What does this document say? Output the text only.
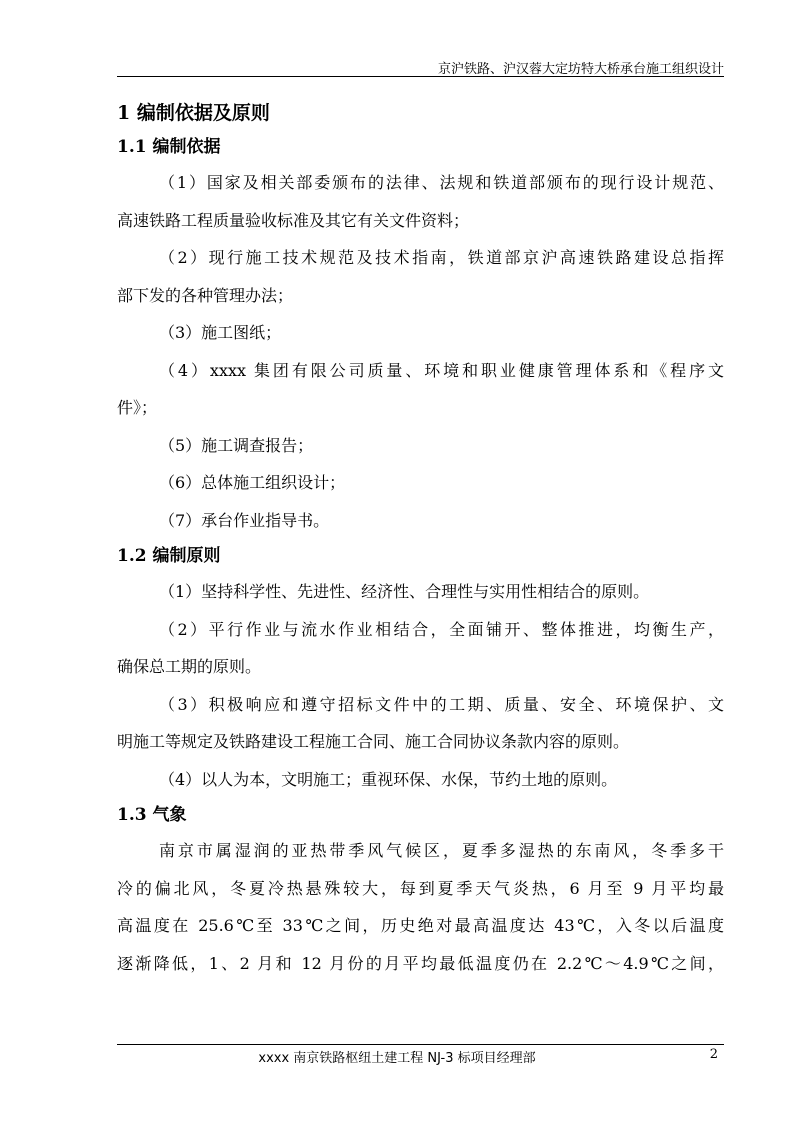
京沪铁路、沪汉蓉大定坊特大桥承台施工组织设计
1 编制依据及原则
1.1 编制依据
（1）国家及相关部委颁布的法律、法规和铁道部颁布的现行设计规范、
高速铁路工程质量验收标准及其它有关文件资料；
（2）现行施工技术规范及技术指南，铁道部京沪高速铁路建设总指挥
部下发的各种管理办法；
（3）施工图纸；
（4）xxxx 集团有限公司质量、环境和职业健康管理体系和《程序文
件》；
（5）施工调查报告；
（6）总体施工组织设计；
（7）承台作业指导书。
1.2 编制原则
（1）坚持科学性、先进性、经济性、合理性与实用性相结合的原则。
（2）平行作业与流水作业相结合，全面铺开、整体推进，均衡生产，
确保总工期的原则。
（3）积极响应和遵守招标文件中的工期、质量、安全、环境保护、文
明施工等规定及铁路建设工程施工合同、施工合同协议条款内容的原则。
（4）以人为本，文明施工；重视环保、水保，节约土地的原则。
1.3 气象
南京市属湿润的亚热带季风气候区，夏季多湿热的东南风，冬季多干
冷的偏北风，冬夏冷热悬殊较大，每到夏季天气炎热，6 月至 9 月平均最
高温度在 25.6℃至 33℃之间，历史绝对最高温度达 43℃，入冬以后温度
逐渐降低，1、2 月和 12 月份的月平均最低温度仍在 2.2℃～4.9℃之间，
xxxx 南京铁路枢纽土建工程 NJ-3 标项目经理部	2
